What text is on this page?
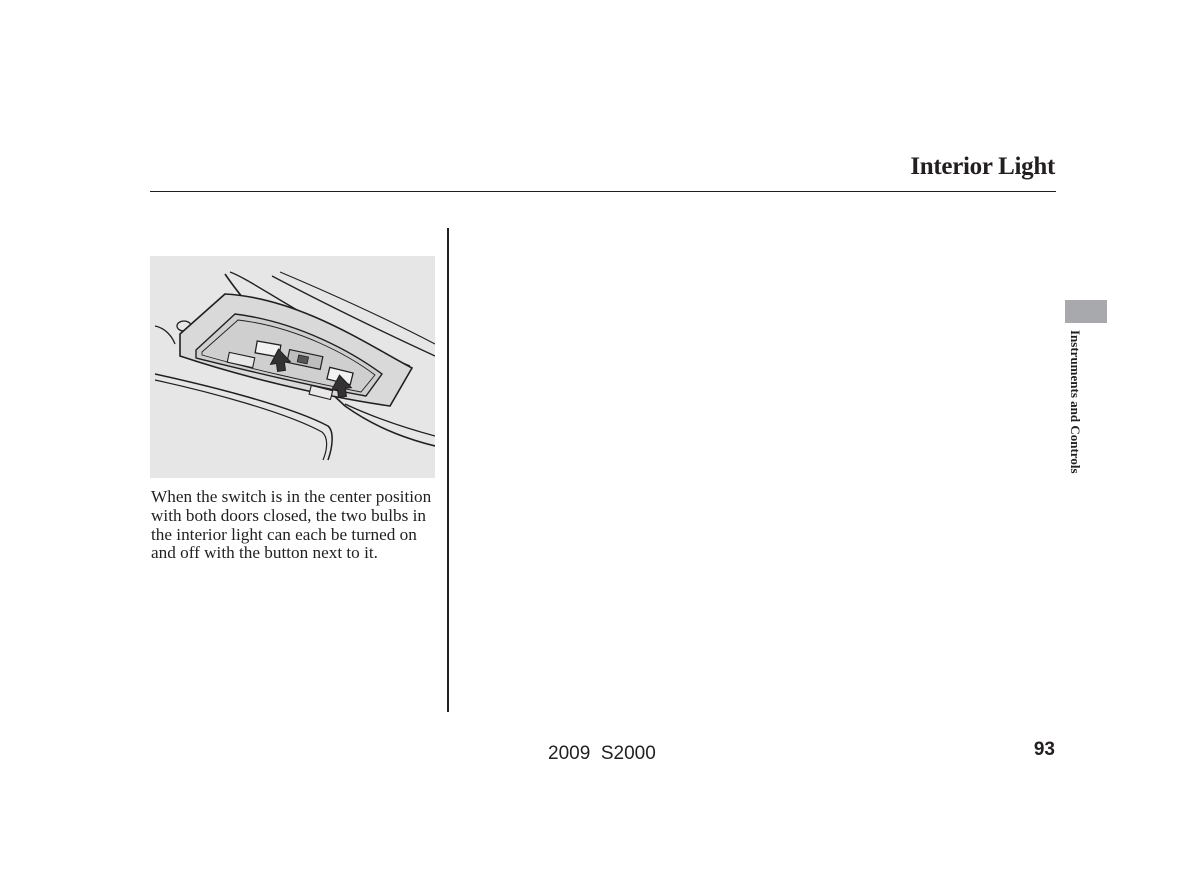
Interior Light

When the switch is in the center position with both doors closed, the two bulbs in the interior light can each be turned on and off with the button next to it.

Instruments and Controls
2009  S2000	93
